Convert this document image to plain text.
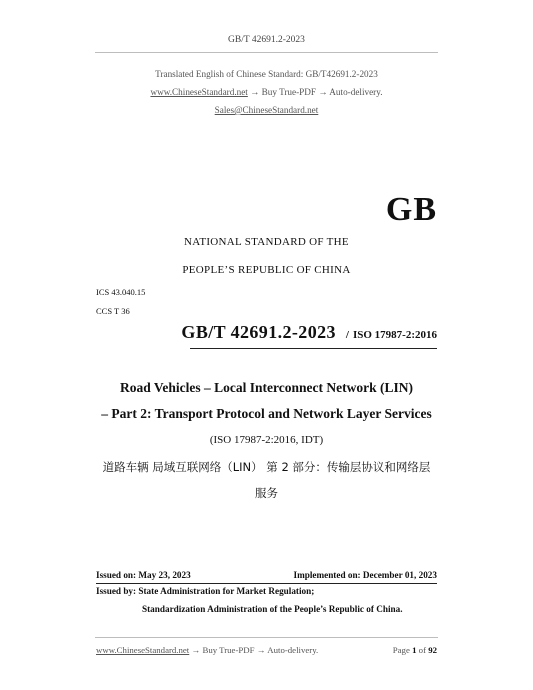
GB/T 42691.2-2023
Translated English of Chinese Standard: GB/T42691.2-2023
www.ChineseStandard.net → Buy True-PDF → Auto-delivery.
Sales@ChineseStandard.net
GB
NATIONAL STANDARD OF THE
PEOPLE’S REPUBLIC OF CHINA
ICS 43.040.15
CCS T 36
GB/T 42691.2-2023 / ISO 17987-2:2016
Road Vehicles – Local Interconnect Network (LIN)
– Part 2: Transport Protocol and Network Layer Services
(ISO 17987-2:2016, IDT)
道路车辆 局域互联网络（LIN） 第 2 部分：传输层协议和网络层
服务
Issued on: May 23, 2023	Implemented on: December 01, 2023
Issued by: State Administration for Market Regulation;
Standardization Administration of the People’s Republic of China.
www.ChineseStandard.net → Buy True-PDF → Auto-delivery.	Page 1 of 92
